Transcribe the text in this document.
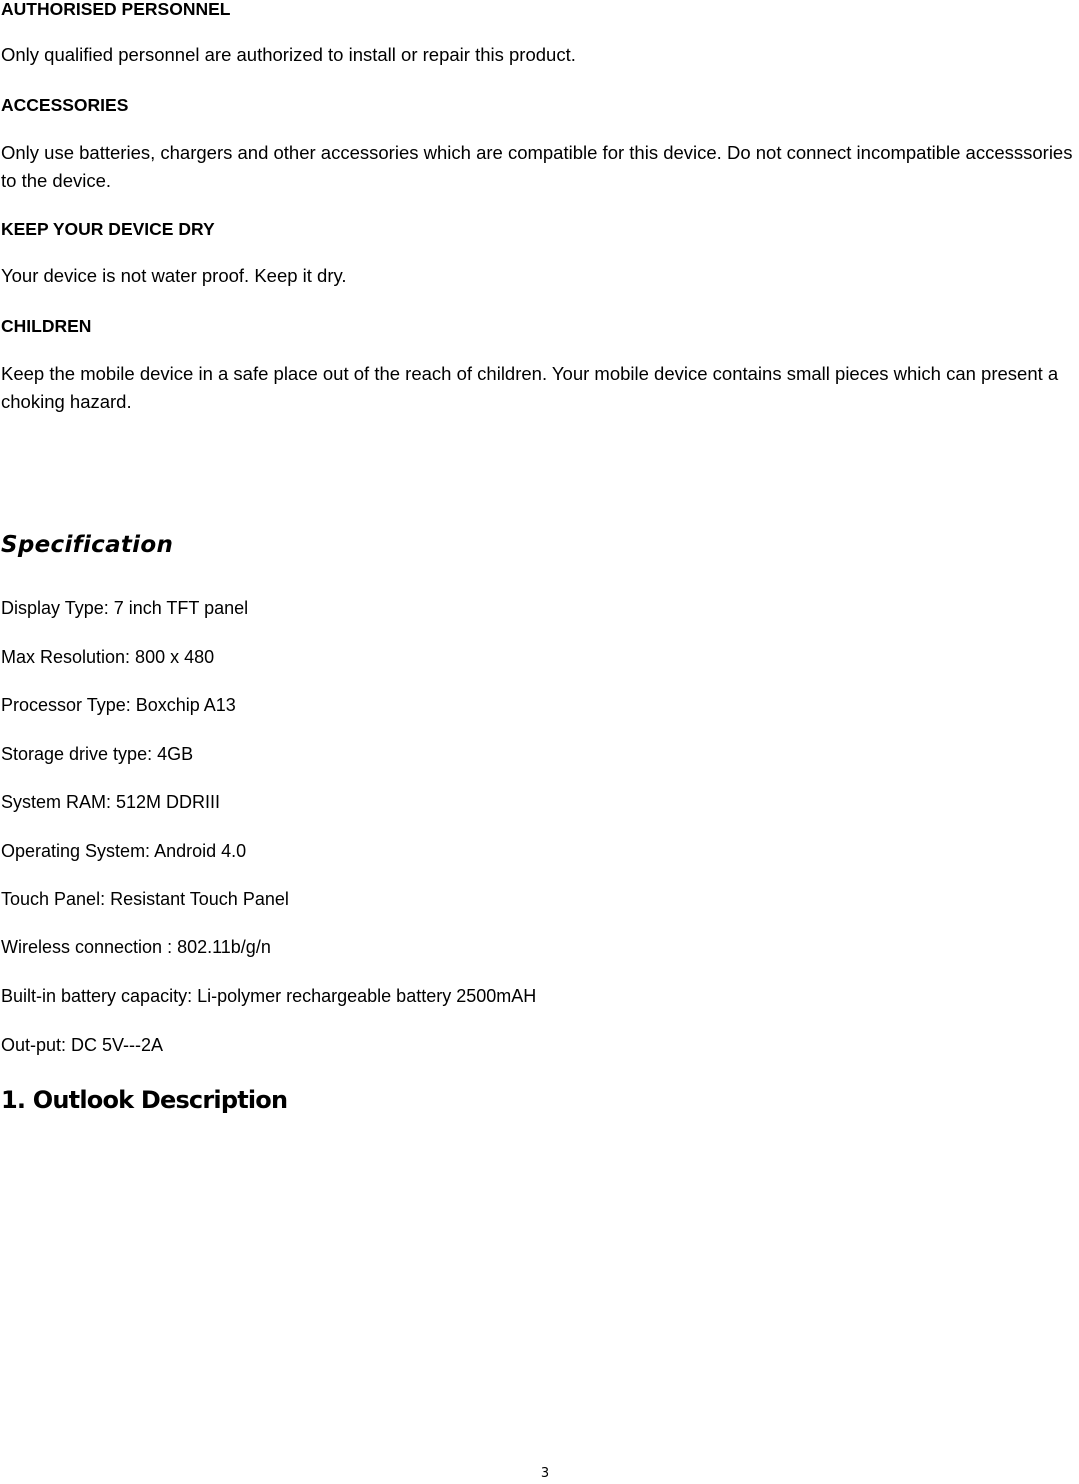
AUTHORISED PERSONNEL

Only qualified personnel are authorized to install or repair this product.

ACCESSORIES

Only use batteries, chargers and other accessories which are compatible for this device. Do not connect incompatible accesssories to the device.

KEEP YOUR DEVICE DRY

Your device is not water proof. Keep it dry.

CHILDREN

Keep the mobile device in a safe place out of the reach of children. Your mobile device contains small pieces which can present a choking hazard.

Specification
Display Type: 7 inch TFT panel
Max Resolution: 800 x 480
Processor Type: Boxchip A13
Storage drive type: 4GB
System RAM: 512M DDRIII
Operating System: Android 4.0
Touch Panel: Resistant Touch Panel
Wireless connection : 802.11b/g/n
Built-in battery capacity: Li-polymer rechargeable battery 2500mAH
Out-put: DC 5V---2A
1. Outlook Description
3
